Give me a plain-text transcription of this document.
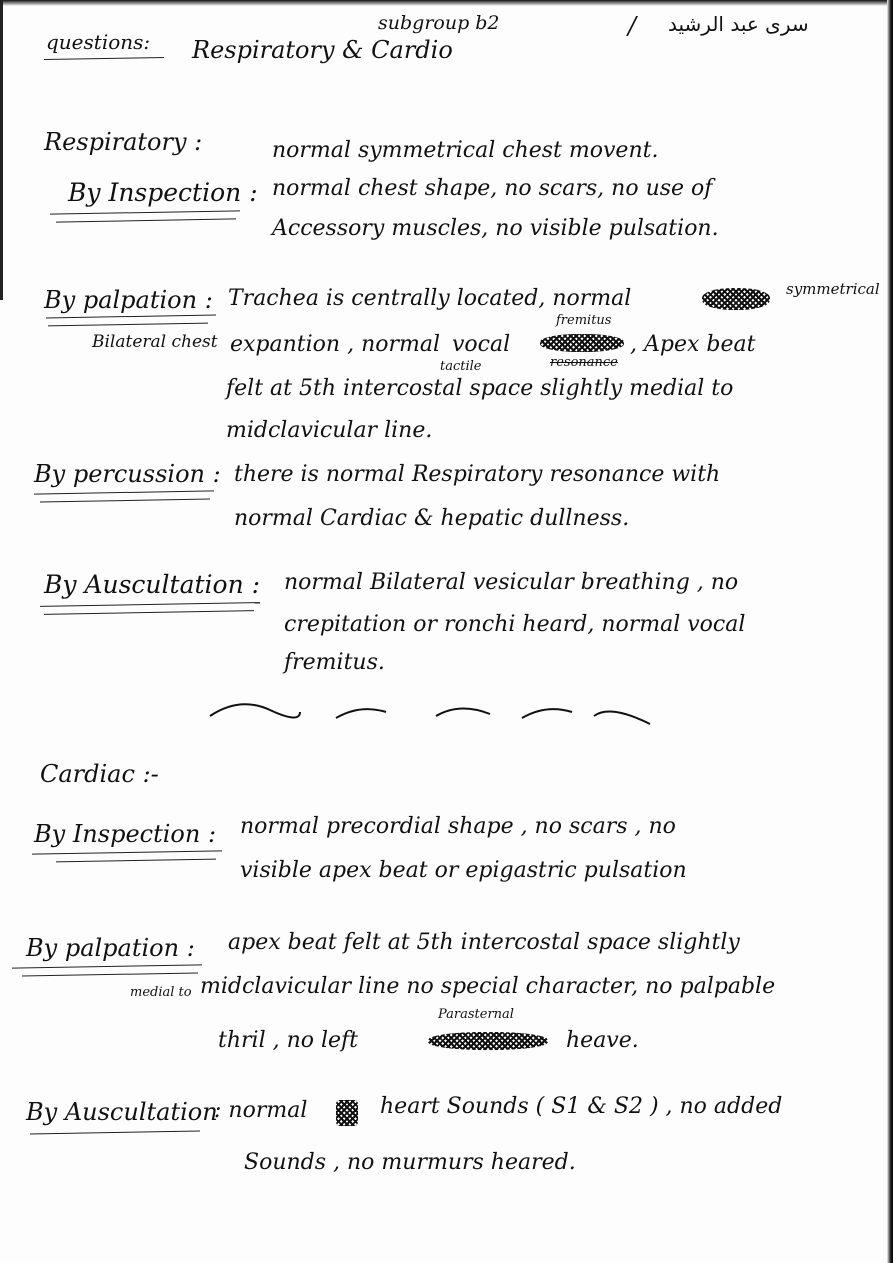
subgroup b2	/ سرى عبد الرشيد
questions: Respiratory & Cardio
Respiratory :	normal symmetrical chest movent.
By Inspection : normal chest shape, no scars, no use of
Accessory muscles, no visible pulsation.
By palpation : Trachea is centrally located, normal	symmetrical
Bilateral chest expantion , normal vocal
tactile
fremitus
resonance
, Apex beat
felt at 5th intercostal space slightly medial to
midclavicular line.
By percussion : there is normal Respiratory resonance with
normal Cardiac & hepatic dullness.
By Auscultation : normal Bilateral vesicular breathing , no
crepitation or ronchi heard, normal vocal
fremitus.
Cardiac :-
By Inspection : normal precordial shape , no scars , no
visible apex beat or epigastric pulsation
By palpation : apex beat felt at 5th intercostal space slightly
medial to midclavicular line no special character, no palpable
Parasternal
thril , no left	heave.
By Auscultation
: normal	heart Sounds ( S1 & S2 ) , no added
Sounds , no murmurs heared.
